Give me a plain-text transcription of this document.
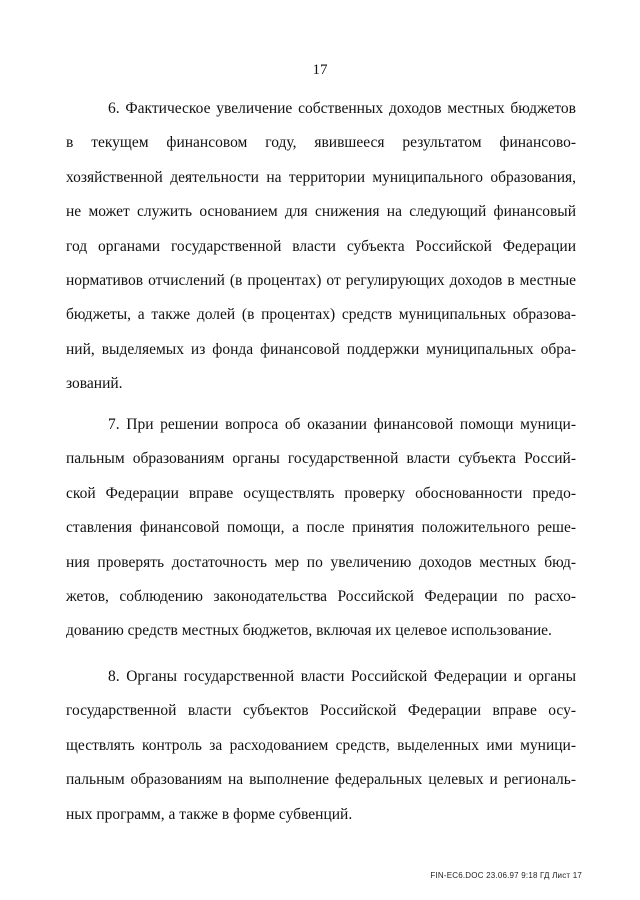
17
6. Фактическое увеличение собственных доходов местных бюджетов
в текущем финансовом году, явившееся результатом финансово-
хозяйственной деятельности на территории муниципального образования,
не может служить основанием для снижения на следующий финансовый
год органами государственной власти субъекта Российской Федерации
нормативов отчислений (в процентах) от регулирующих доходов в местные
бюджеты, а также долей (в процентах) средств муниципальных образова-
ний, выделяемых из фонда финансовой поддержки муниципальных обра-
зований.
7. При решении вопроса об оказании финансовой помощи муници-
пальным образованиям органы государственной власти субъекта Россий-
ской Федерации вправе осуществлять проверку обоснованности предо-
ставления финансовой помощи, а после принятия положительного реше-
ния проверять достаточность мер по увеличению доходов местных бюд-
жетов, соблюдению законодательства Российской Федерации по расхо-
дованию средств местных бюджетов, включая их целевое использование.
8. Органы государственной власти Российской Федерации и органы
государственной власти субъектов Российской Федерации вправе осу-
ществлять контроль за расходованием средств, выделенных ими муници-
пальным образованиям на выполнение федеральных целевых и региональ-
ных программ, а также в форме субвенций.
FIN-EC6.DOC 23.06.97 9:18 ГД Лист 17
